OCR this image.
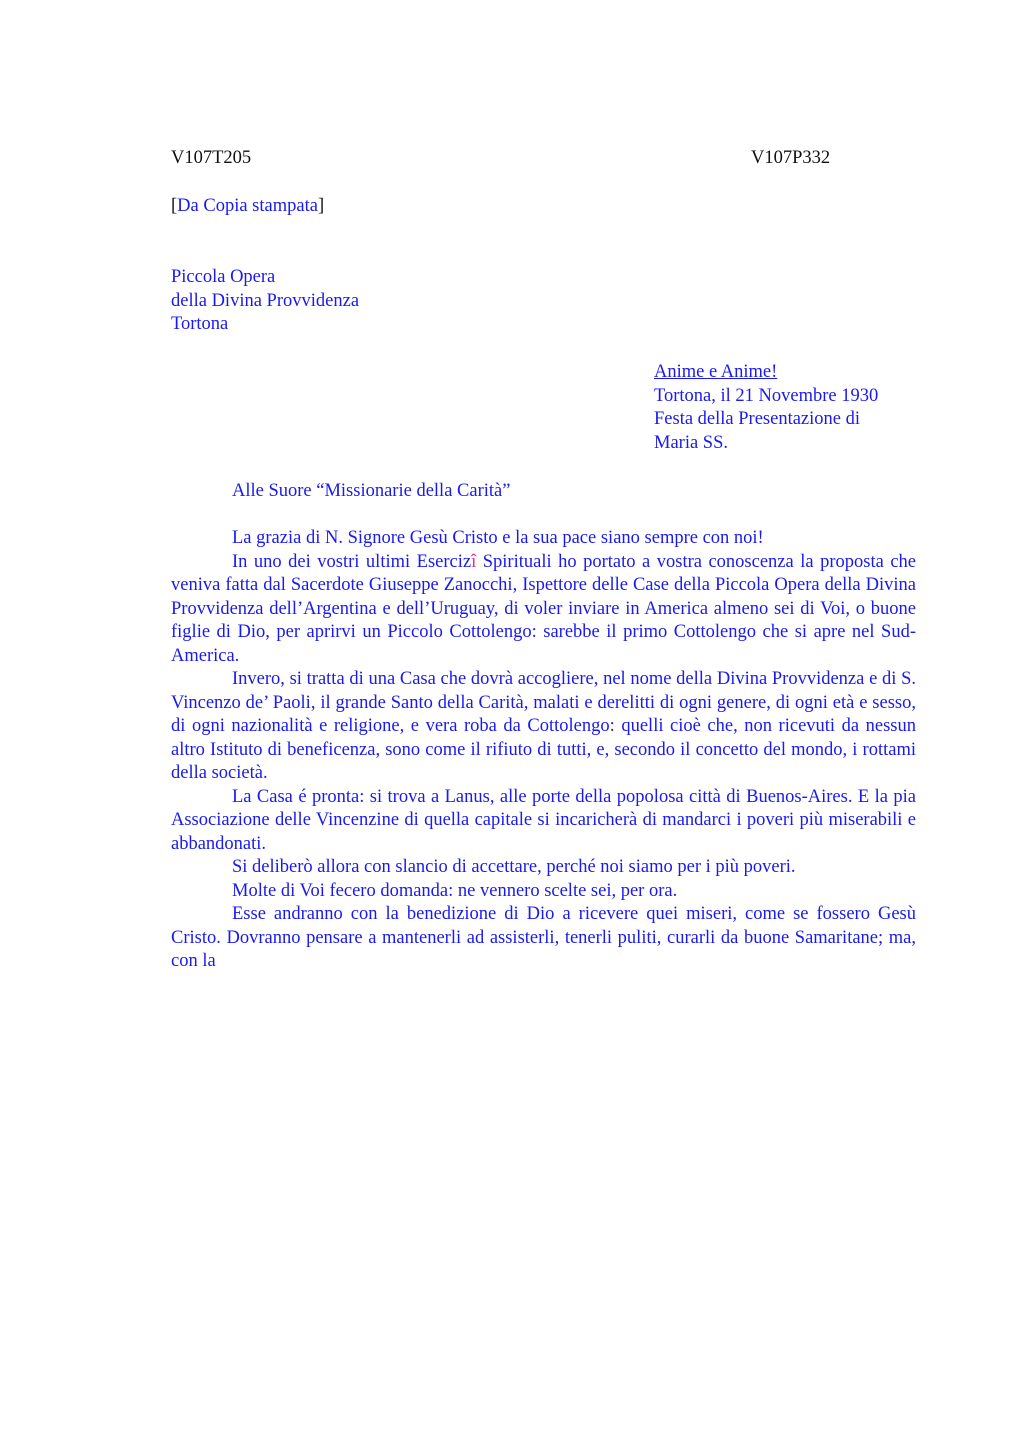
V107T205	V107P332
[Da Copia stampata]
Piccola Opera
della Divina Provvidenza
Tortona
Anime e Anime!
Tortona, il 21 Novembre 1930
Festa della Presentazione di
Maria SS.
Alle Suore “Missionarie della Carità”

La grazia di N. Signore Gesù Cristo e la sua pace siano sempre con noi!

In uno dei vostri ultimi Esercizî Spirituali ho portato a vostra conoscenza la proposta che veniva fatta dal Sacerdote Giuseppe Zanocchi, Ispettore delle Case della Piccola Opera della Divina Provvidenza dell’Argentina e dell’Uruguay, di voler inviare in America almeno sei di Voi, o buone figlie di Dio, per aprirvi un Piccolo Cottolengo: sarebbe il primo Cottolengo che si apre nel Sud-America.

Invero, si tratta di una Casa che dovrà accogliere, nel nome della Divina Provvidenza e di S. Vincenzo de’ Paoli, il grande Santo della Carità, malati e derelitti di ogni genere, di ogni età e sesso, di ogni nazionalità e religione, e vera roba da Cottolengo: quelli cioè che, non ricevuti da nessun altro Istituto di beneficenza, sono come il rifiuto di tutti, e, secondo il concetto del mondo, i rottami della società.

La Casa é pronta: si trova a Lanus, alle porte della popolosa città di Buenos-Aires. E la pia Associazione delle Vincenzine di quella capitale si incaricherà di mandarci i poveri più miserabili e abbandonati.

Si deliberò allora con slancio di accettare, perché noi siamo per i più poveri.

Molte di Voi fecero domanda: ne vennero scelte sei, per ora.

Esse andranno con la benedizione di Dio a ricevere quei miseri, come se fossero Gesù Cristo. Dovranno pensare a mantenerli ad assisterli, tenerli puliti, curarli da buone Samaritane; ma, con la
